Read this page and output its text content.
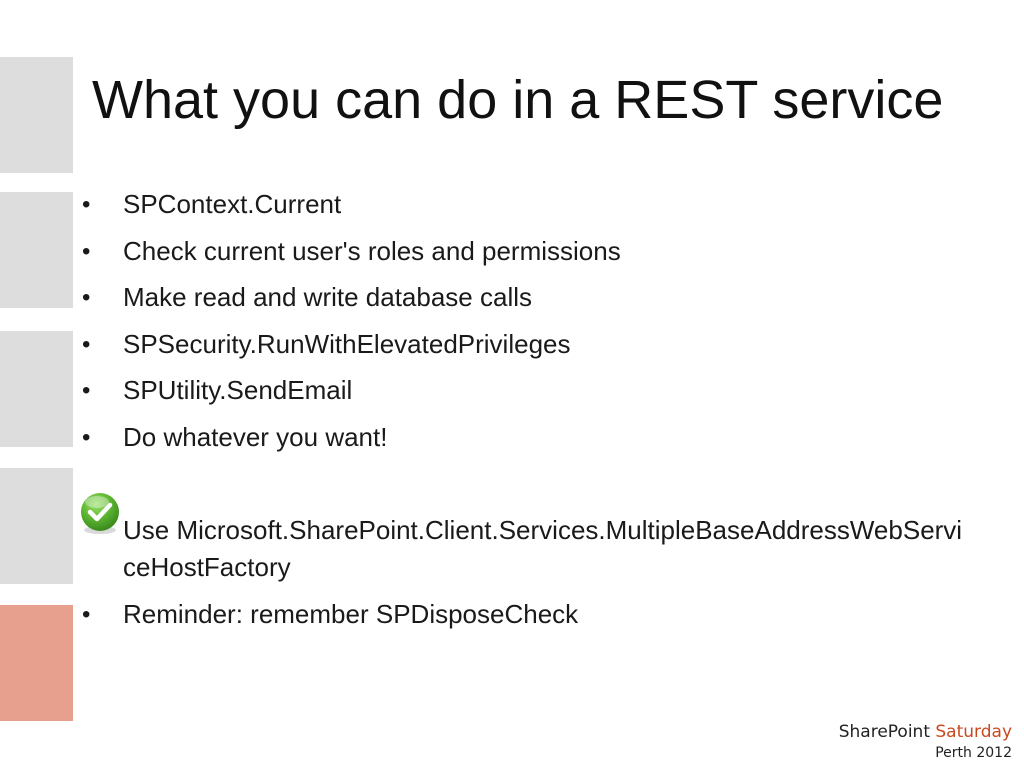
What you can do in a REST service
• SPContext.Current
• Check current user's roles and permissions
• Make read and write database calls
• SPSecurity.RunWithElevatedPrivileges
• SPUtility.SendEmail
• Do whatever you want!
Use Microsoft.SharePoint.Client.Services.MultipleBaseAddressWebServiceHostFactory
• Reminder: remember SPDisposeCheck
SharePoint Saturday
Perth 2012
